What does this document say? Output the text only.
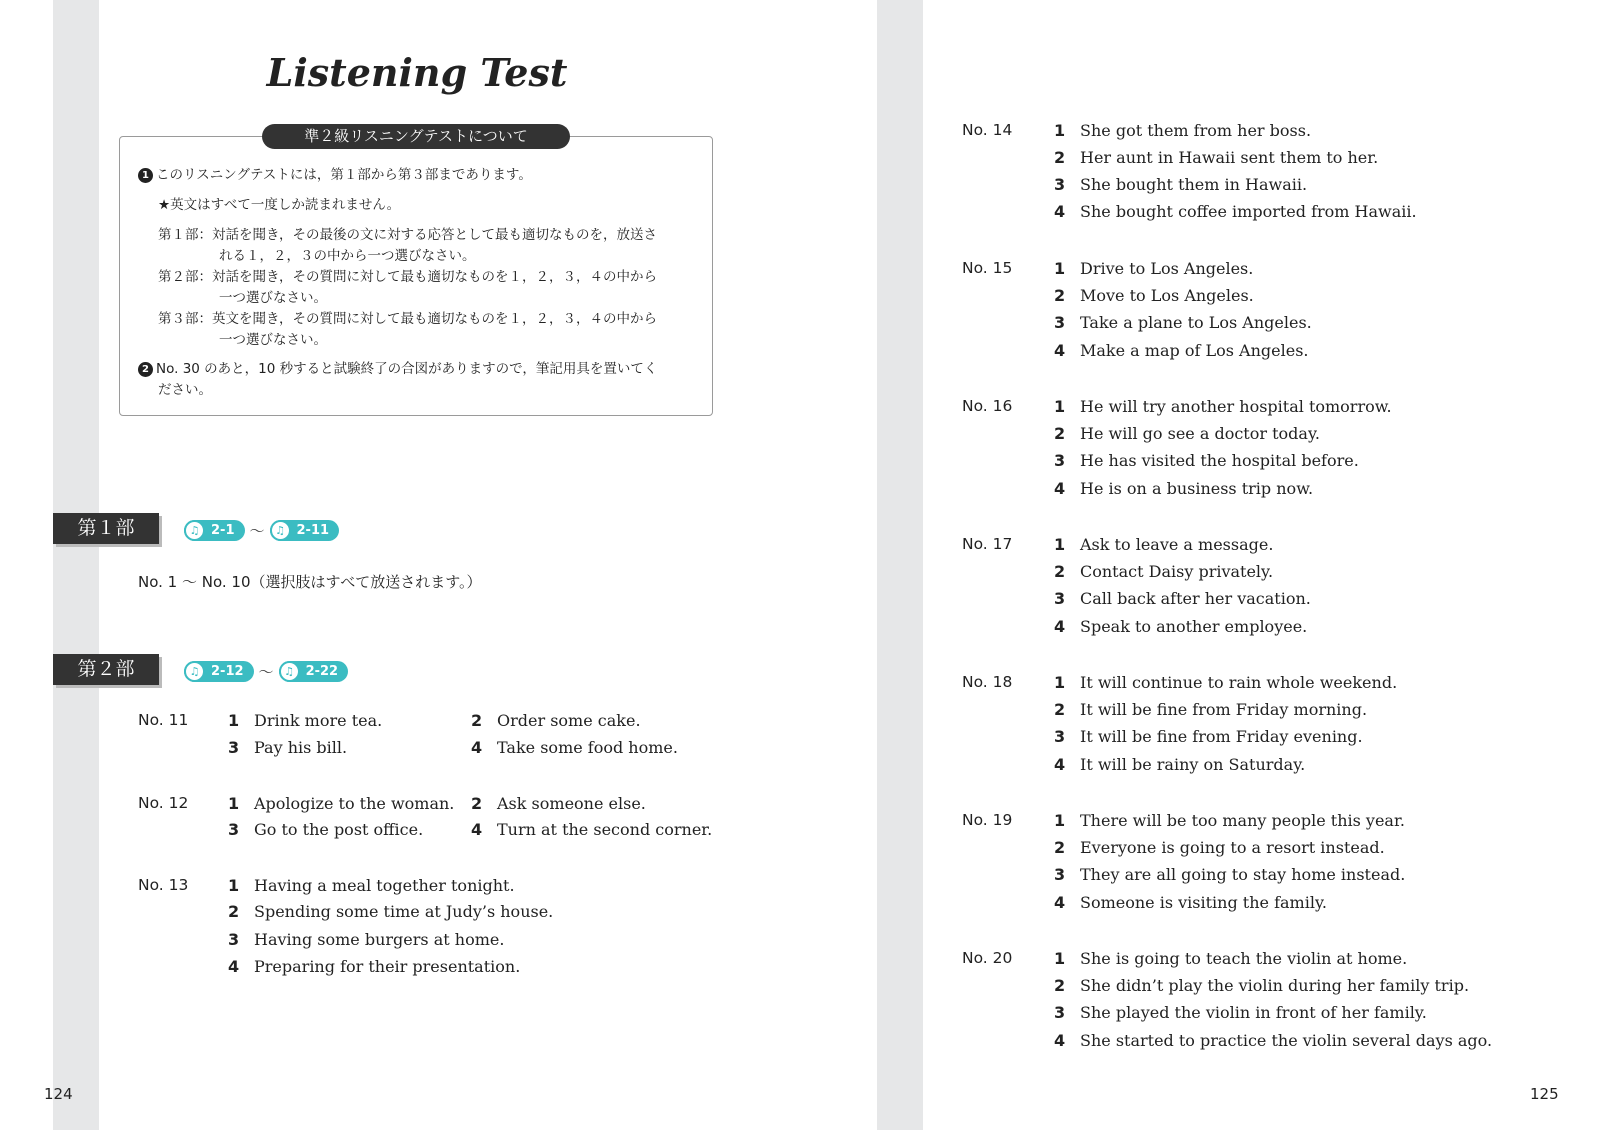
Listening Test
準２級リスニングテストについて
1 このリスニングテストには，第１部から第３部まであります。
★英文はすべて一度しか読まれません。
第１部：対話を聞き，その最後の文に対する応答として最も適切なものを，放送さ
れる１，２，３の中から一つ選びなさい。
第２部：対話を聞き，その質問に対して最も適切なものを１，２，３，４の中から
一つ選びなさい。
第３部：英文を聞き，その質問に対して最も適切なものを１，２，３，４の中から
一つ選びなさい。
2 No. 30 のあと，10 秒すると試験終了の合図がありますので，筆記用具を置いてく
ださい。
第１部	♫ 2-1 ～ ♫ 2-11
No. 1 ～ No. 10（選択肢はすべて放送されます。）
第２部	♫ 2-12 ～ ♫ 2-22
No. 11 1 Drink more tea.	2 Order some cake.
3 Pay his bill.	4 Take some food home.
No. 12 1 Apologize to the woman. 2 Ask someone else.
3 Go to the post office.	4 Turn at the second corner.
No. 13 1 Having a meal together tonight.
2 Spending some time at Judy’s house.
3 Having some burgers at home.
4 Preparing for their presentation.
No. 14	1 She got them from her boss.
2 Her aunt in Hawaii sent them to her.
3 She bought them in Hawaii.
4 She bought coffee imported from Hawaii.
No. 15	1 Drive to Los Angeles.
2 Move to Los Angeles.
3 Take a plane to Los Angeles.
4 Make a map of Los Angeles.
No. 16	1 He will try another hospital tomorrow.
2 He will go see a doctor today.
3 He has visited the hospital before.
4 He is on a business trip now.
No. 17	1 Ask to leave a message.
2 Contact Daisy privately.
3 Call back after her vacation.
4 Speak to another employee.
No. 18	1 It will continue to rain whole weekend.
2 It will be fine from Friday morning.
3 It will be fine from Friday evening.
4 It will be rainy on Saturday.
No. 19	1 There will be too many people this year.
2 Everyone is going to a resort instead.
3 They are all going to stay home instead.
4 Someone is visiting the family.
No. 20	1 She is going to teach the violin at home.
2 She didn’t play the violin during her family trip.
3 She played the violin in front of her family.
4 She started to practice the violin several days ago.
124	125
